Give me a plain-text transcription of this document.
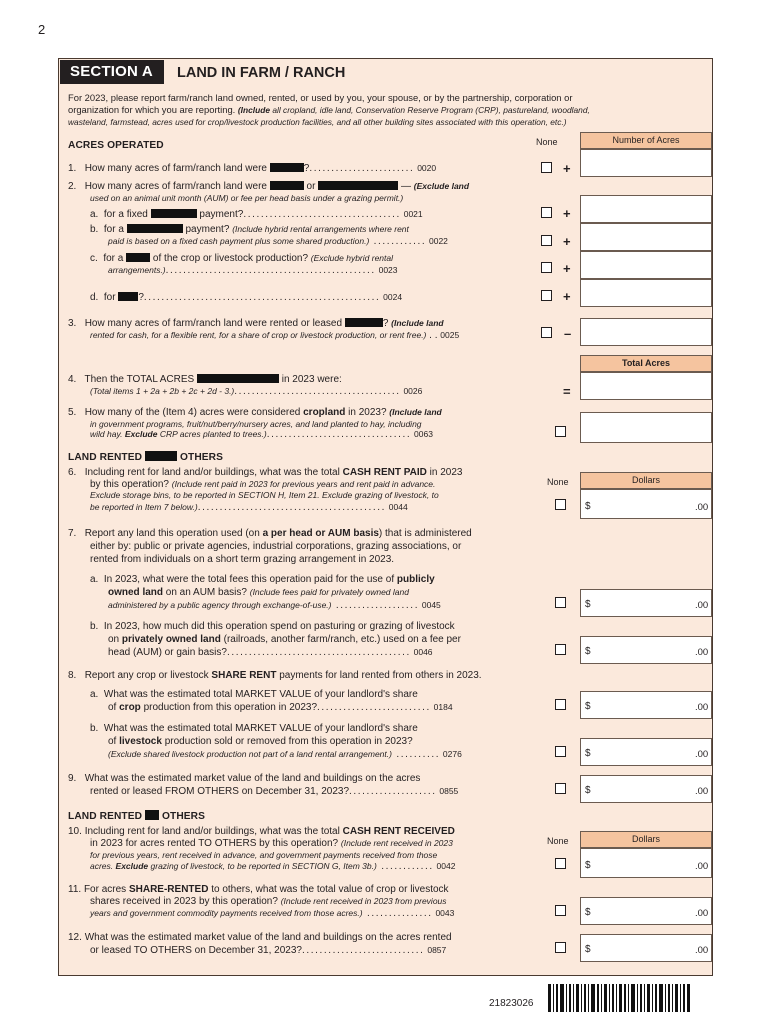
2
SECTION A	LAND IN FARM / RANCH
For 2023, please report farm/ranch land owned, rented, or used by you, your spouse, or by the partnership, corporation or
organization for which you are reporting. (Include all cropland, idle land, Conservation Reserve Program (CRP), pastureland, woodland,
wasteland, farmstead, acres used for crop/livestock production facilities, and all other building sites associated with this operation, etc.)
ACRES OPERATED	None	Number of Acres
Total Acres
1. How many acres of farm/ranch land were	?........................ 0020	+
2. How many acres of farm/ranch land were	or	— (Exclude land
used on an animal unit month (AUM) or fee per head basis under a grazing permit.)
a. for a fixed	payment?.................................... 0021	+
b. for a	payment? (Include hybrid rental arrangements where rent
paid is based on a fixed cash payment plus some shared production.) ............ 0022	+
c. for a	of the crop or livestock production? (Exclude hybrid rental
arrangements.)................................................ 0023	+
d. for ?...................................................... 0024	+
3. How many acres of farm/ranch land were rented or leased	? (Include land
rented for cash, for a flexible rent, for a share of crop or livestock production, or rent free.) . . 0025	–
4. Then the TOTAL ACRES	in 2023 were:
(Total items 1 + 2a + 2b + 2c + 2d - 3.)...................................... 0026	=
5. How many of the (Item 4) acres were considered cropland in 2023? (Include land
in government programs, fruit/nut/berry/nursery acres, and land planted to hay, including
wild hay. Exclude CRP acres planted to trees.)................................. 0063
LAND RENTED	OTHERS
None	Dollars
6. Including rent for land and/or buildings, what was the total CASH RENT PAID in 2023
by this operation? (Include rent paid in 2023 for previous years and rent paid in advance.
Exclude storage bins, to be reported in SECTION H, Item 21. Exclude grazing of livestock, to
be reported in Item 7 below.)........................................... 0044	$	.00
7. Report any land this operation used (on a per head or AUM basis) that is administered
either by: public or private agencies, industrial corporations, grazing associations, or
rented from individuals on a short term grazing arrangement in 2023.
a. In 2023, what were the total fees this operation paid for the use of publicly
owned land on an AUM basis? (Include fees paid for privately owned land
administered by a public agency through exchange-of-use.) ................... 0045	$	.00
b. In 2023, how much did this operation spend on pasturing or grazing of livestock
on privately owned land (railroads, another farm/ranch, etc.) used on a fee per
head (AUM) or gain basis?.......................................... 0046	$	.00
8. Report any crop or livestock SHARE RENT payments for land rented from others in 2023.
a. What was the estimated total MARKET VALUE of your landlord's share
of crop production from this operation in 2023?.......................... 0184	$	.00
b. What was the estimated total MARKET VALUE of your landlord's share
of livestock production sold or removed from this operation in 2023?
(Exclude shared livestock production not part of a land rental arrangement.) .......... 0276	$	.00
9. What was the estimated market value of the land and buildings on the acres
rented or leased FROM OTHERS on December 31, 2023?.................... 0855	$	.00
LAND RENTED OTHERS
None	Dollars
10. Including rent for land and/or buildings, what was the total CASH RENT RECEIVED
in 2023 for acres rented TO OTHERS by this operation? (Include rent received in 2023
for previous years, rent received in advance, and government payments received from those
acres. Exclude grazing of livestock, to be reported in SECTION G, Item 3b.) ............ 0042	$	.00
11. For acres SHARE-RENTED to others, what was the total value of crop or livestock
shares received in 2023 by this operation? (Include rent received in 2023 from previous
years and government commodity payments received from those acres.) ............... 0043	$	.00
12. What was the estimated market value of the land and buildings on the acres rented
or leased TO OTHERS on December 31, 2023?............................ 0857	$	.00
21823026
